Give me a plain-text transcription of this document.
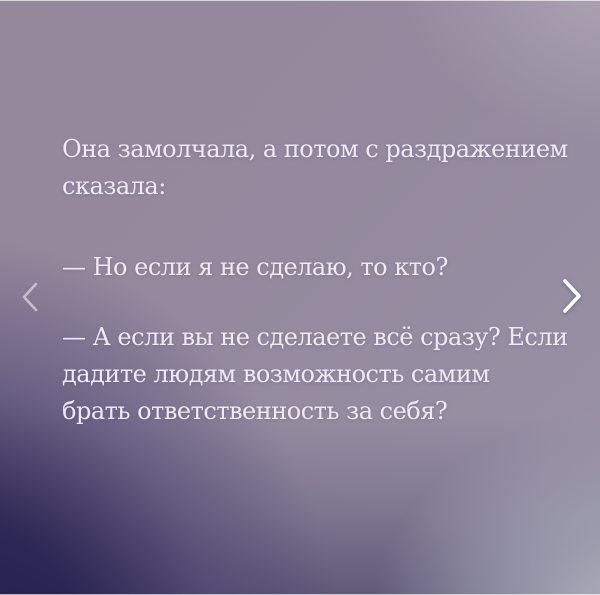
Она замолчала, а потом с раздражением
сказала:

— Но если я не сделаю, то кто?

— А если вы не сделаете всё сразу? Если
дадите людям возможность самим
брать ответственность за себя?
